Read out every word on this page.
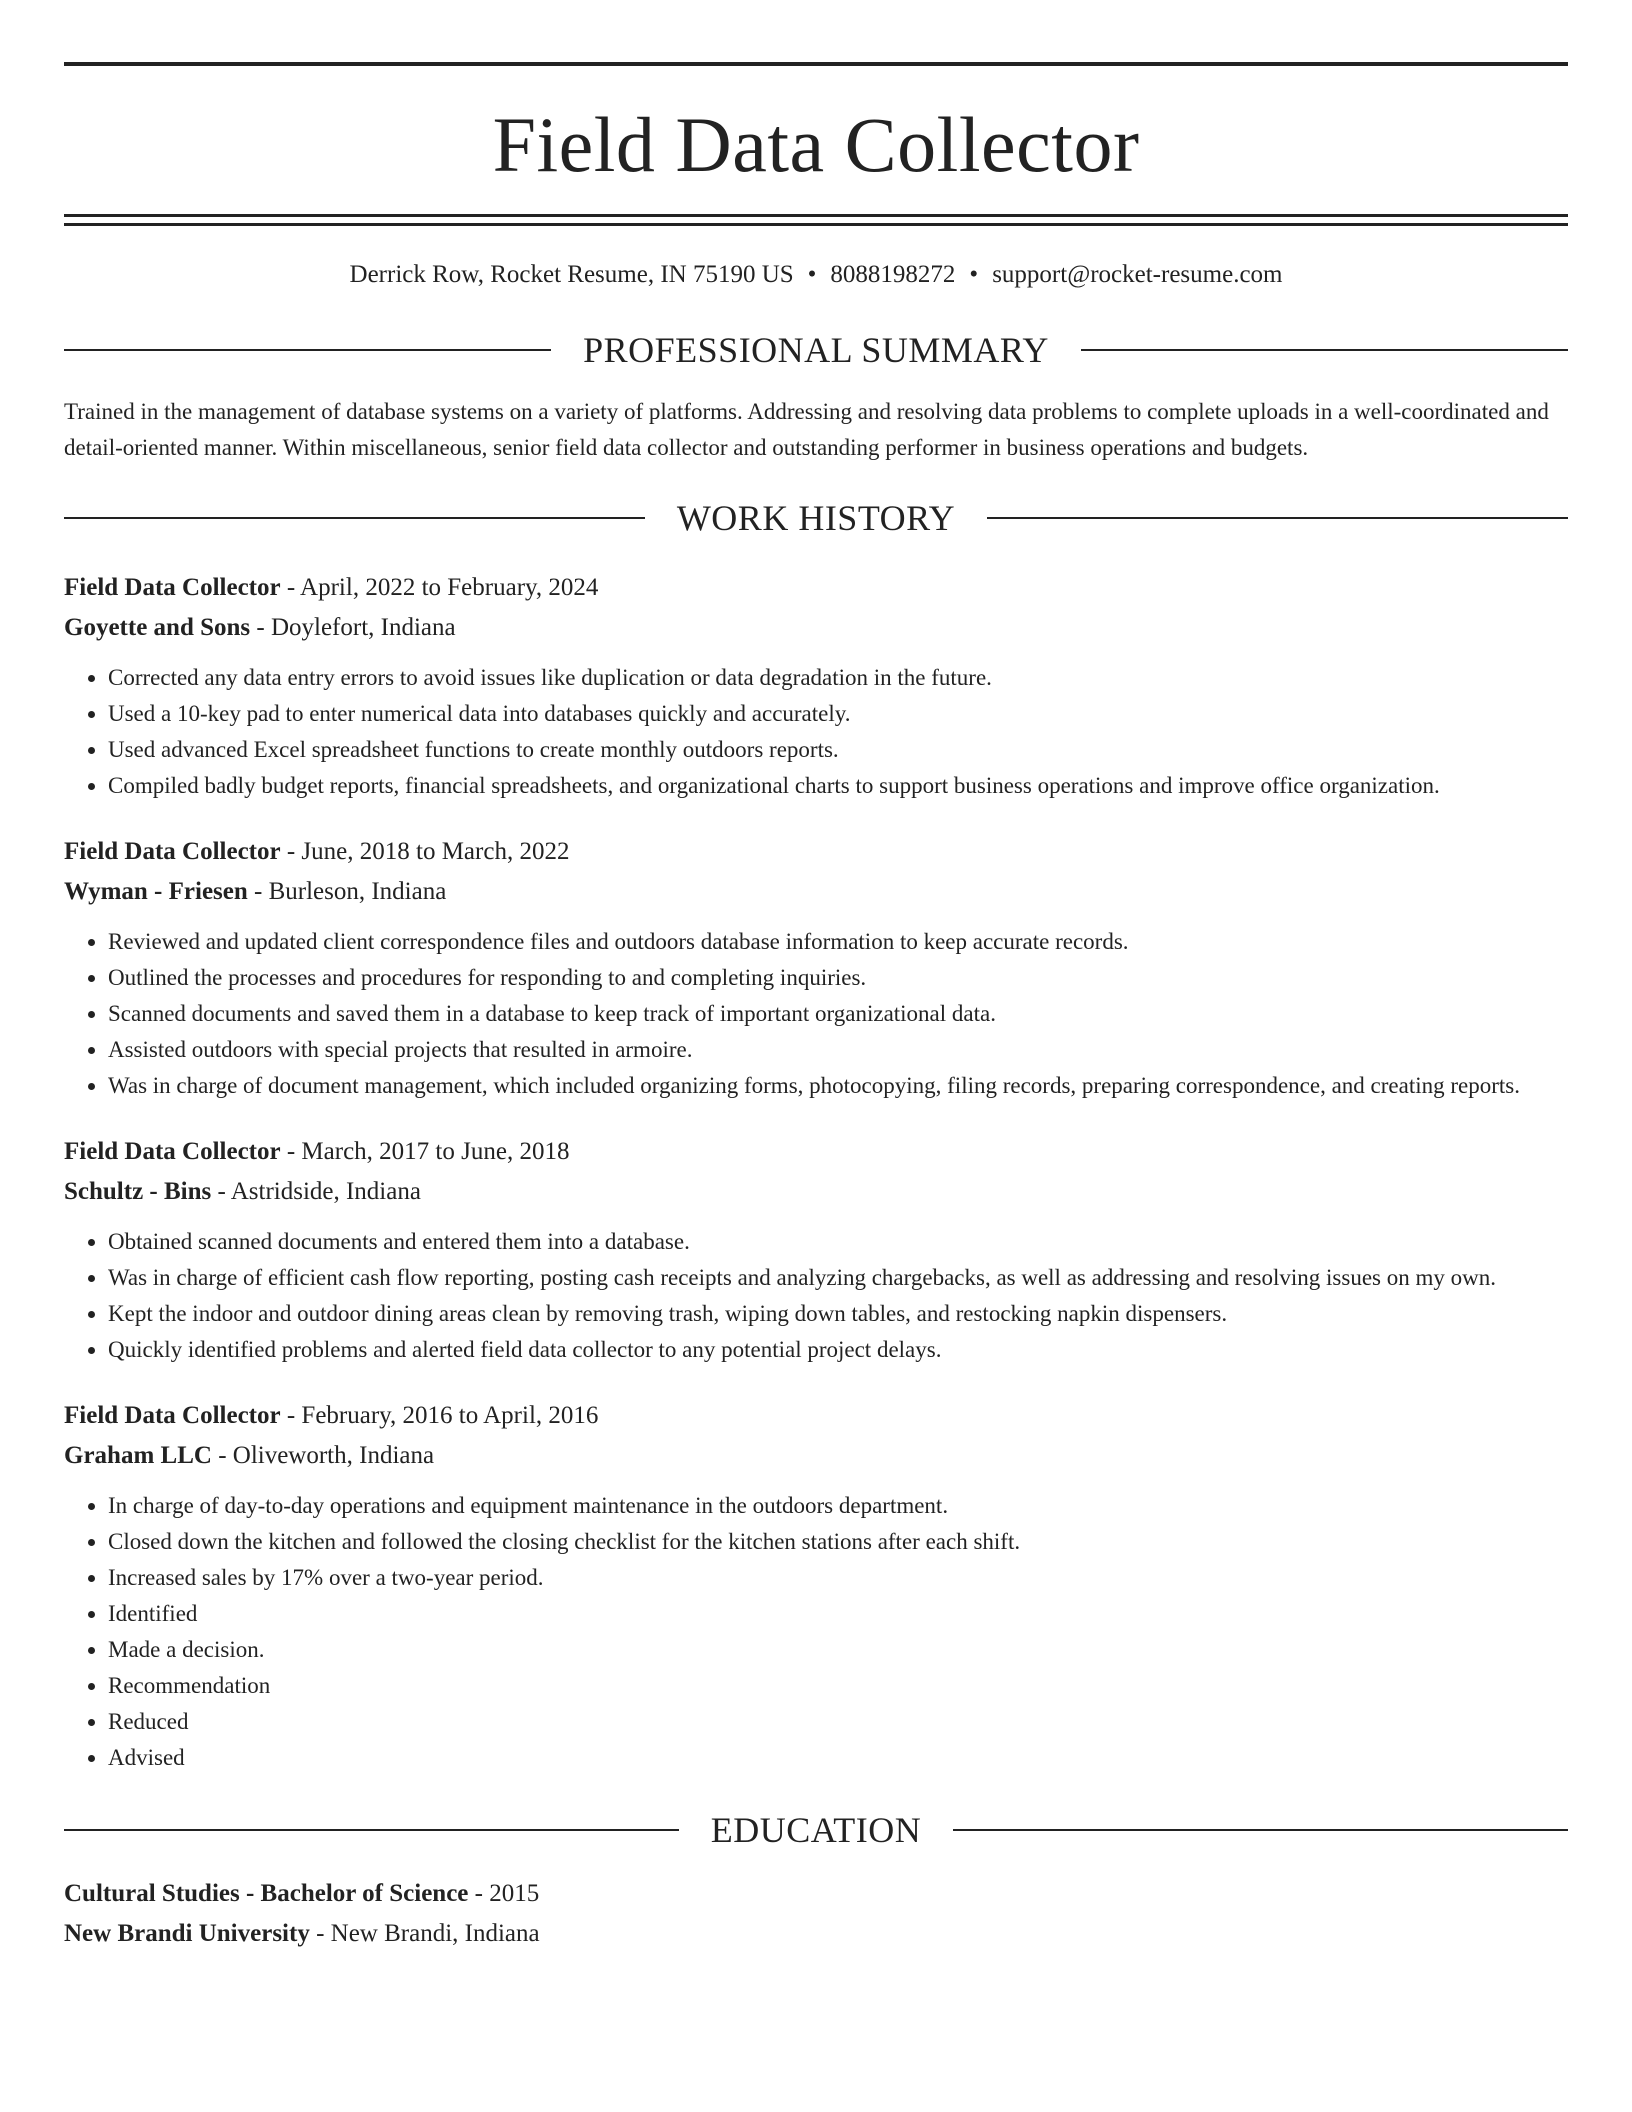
Field Data Collector
Derrick Row, Rocket Resume, IN 75190 US • 8088198272 • support@rocket-resume.com
PROFESSIONAL SUMMARY
Trained in the management of database systems on a variety of platforms. Addressing and resolving data problems to complete uploads in a well-coordinated and detail-oriented manner. Within miscellaneous, senior field data collector and outstanding performer in business operations and budgets.
WORK HISTORY
Field Data Collector - April, 2022 to February, 2024
Goyette and Sons - Doylefort, Indiana
• Corrected any data entry errors to avoid issues like duplication or data degradation in the future.
• Used a 10-key pad to enter numerical data into databases quickly and accurately.
• Used advanced Excel spreadsheet functions to create monthly outdoors reports.
• Compiled badly budget reports, financial spreadsheets, and organizational charts to support business operations and improve office organization.
Field Data Collector - June, 2018 to March, 2022
Wyman - Friesen - Burleson, Indiana
• Reviewed and updated client correspondence files and outdoors database information to keep accurate records.
• Outlined the processes and procedures for responding to and completing inquiries.
• Scanned documents and saved them in a database to keep track of important organizational data.
• Assisted outdoors with special projects that resulted in armoire.
• Was in charge of document management, which included organizing forms, photocopying, filing records, preparing correspondence, and creating reports.
Field Data Collector - March, 2017 to June, 2018
Schultz - Bins - Astridside, Indiana
• Obtained scanned documents and entered them into a database.
• Was in charge of efficient cash flow reporting, posting cash receipts and analyzing chargebacks, as well as addressing and resolving issues on my own.
• Kept the indoor and outdoor dining areas clean by removing trash, wiping down tables, and restocking napkin dispensers.
• Quickly identified problems and alerted field data collector to any potential project delays.
Field Data Collector - February, 2016 to April, 2016
Graham LLC - Oliveworth, Indiana
• In charge of day-to-day operations and equipment maintenance in the outdoors department.
• Closed down the kitchen and followed the closing checklist for the kitchen stations after each shift.
• Increased sales by 17% over a two-year period.
• Identified
• Made a decision.
• Recommendation
• Reduced
• Advised
EDUCATION
Cultural Studies - Bachelor of Science - 2015
New Brandi University - New Brandi, Indiana
